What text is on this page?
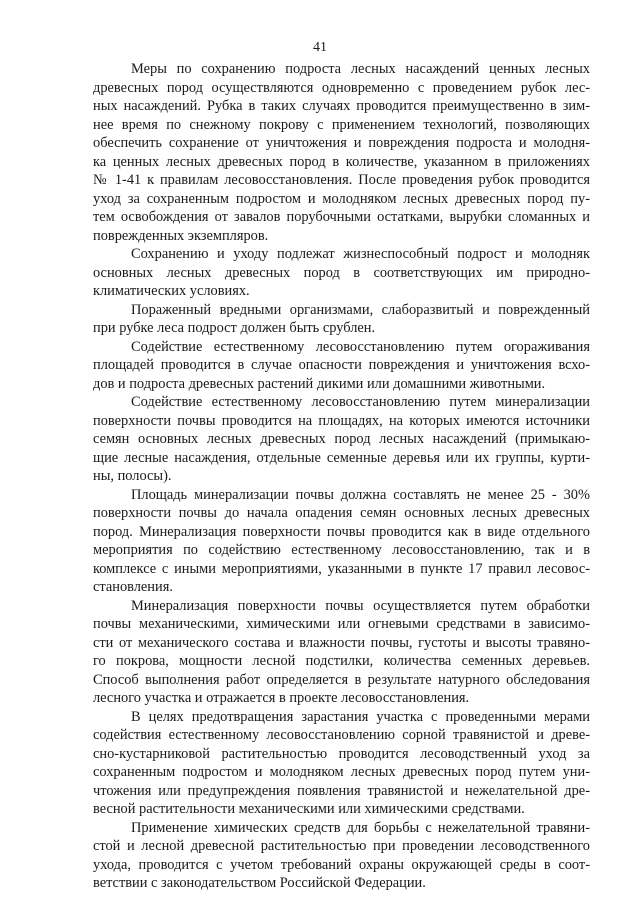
41

Меры по сохранению подроста лесных насаждений ценных лесных
древесных пород осуществляются одновременно с проведением рубок лес-
ных насаждений. Рубка в таких случаях проводится преимущественно в зим-
нее время по снежному покрову с применением технологий, позволяющих
обеспечить сохранение от уничтожения и повреждения подроста и молодня-
ка ценных лесных древесных пород в количестве, указанном в приложениях
№ 1-41 к правилам лесовосстановления. После проведения рубок проводится
уход за сохраненным подростом и молодняком лесных древесных пород пу-
тем освобождения от завалов порубочными остатками, вырубки сломанных и
поврежденных экземпляров.

Сохранению и уходу подлежат жизнеспособный подрост и молодняк
основных лесных древесных пород в соответствующих им природно-
климатических условиях.

Пораженный вредными организмами, слаборазвитый и поврежденный
при рубке леса подрост должен быть срублен.

Содействие естественному лесовосстановлению путем огораживания
площадей проводится в случае опасности повреждения и уничтожения всхо-
дов и подроста древесных растений дикими или домашними животными.

Содействие естественному лесовосстановлению путем минерализации
поверхности почвы проводится на площадях, на которых имеются источники
семян основных лесных древесных пород лесных насаждений (примыкаю-
щие лесные насаждения, отдельные семенные деревья или их группы, курти-
ны, полосы).

Площадь минерализации почвы должна составлять не менее 25 - 30%
поверхности почвы до начала опадения семян основных лесных древесных
пород. Минерализация поверхности почвы проводится как в виде отдельного
мероприятия по содействию естественному лесовосстановлению, так и в
комплексе с иными мероприятиями, указанными в пункте 17 правил лесовос-
становления.

Минерализация поверхности почвы осуществляется путем обработки
почвы механическими, химическими или огневыми средствами в зависимо-
сти от механического состава и влажности почвы, густоты и высоты травяно-
го покрова, мощности лесной подстилки, количества семенных деревьев.
Способ выполнения работ определяется в результате натурного обследования
лесного участка и отражается в проекте лесовосстановления.

В целях предотвращения зарастания участка с проведенными мерами
содействия естественному лесовосстановлению сорной травянистой и древе-
сно-кустарниковой растительностью проводится лесоводственный уход за
сохраненным подростом и молодняком лесных древесных пород путем уни-
чтожения или предупреждения появления травянистой и нежелательной дре-
весной растительности механическими или химическими средствами.

Применение химических средств для борьбы с нежелательной травяни-
стой и лесной древесной растительностью при проведении лесоводственного
ухода, проводится с учетом требований охраны окружающей среды в соот-
ветствии с законодательством Российской Федерации.
